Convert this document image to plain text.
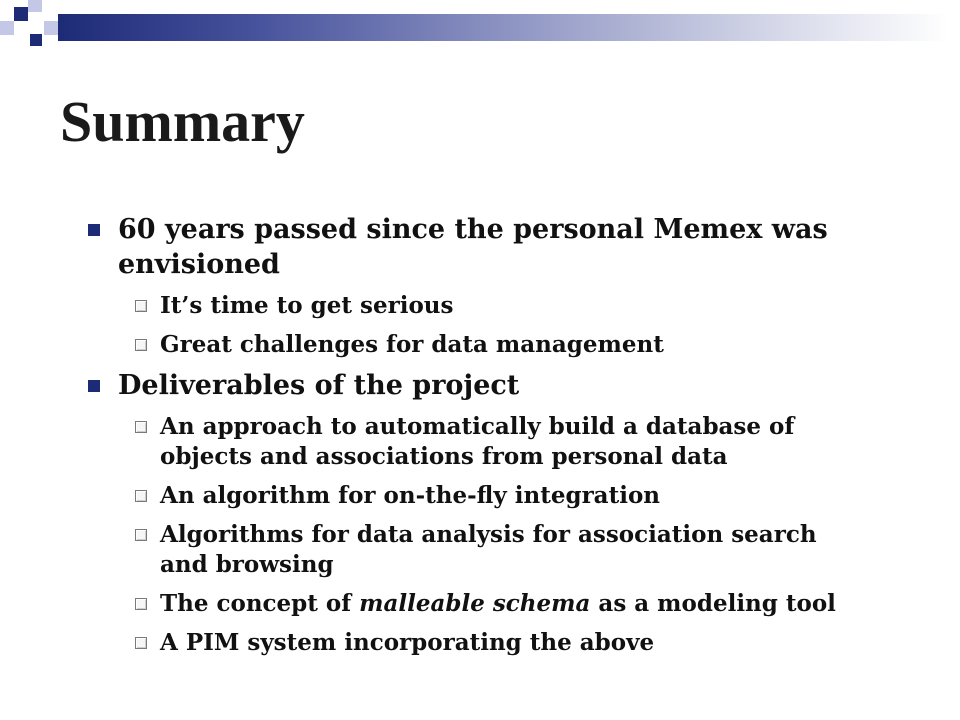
Summary
60 years passed since the personal Memex was
envisioned
It’s time to get serious
Great challenges for data management
Deliverables of the project
An approach to automatically build a database of
objects and associations from personal data
An algorithm for on-the-fly integration
Algorithms for data analysis for association search
and browsing
The concept of malleable schema as a modeling tool
A PIM system incorporating the above
